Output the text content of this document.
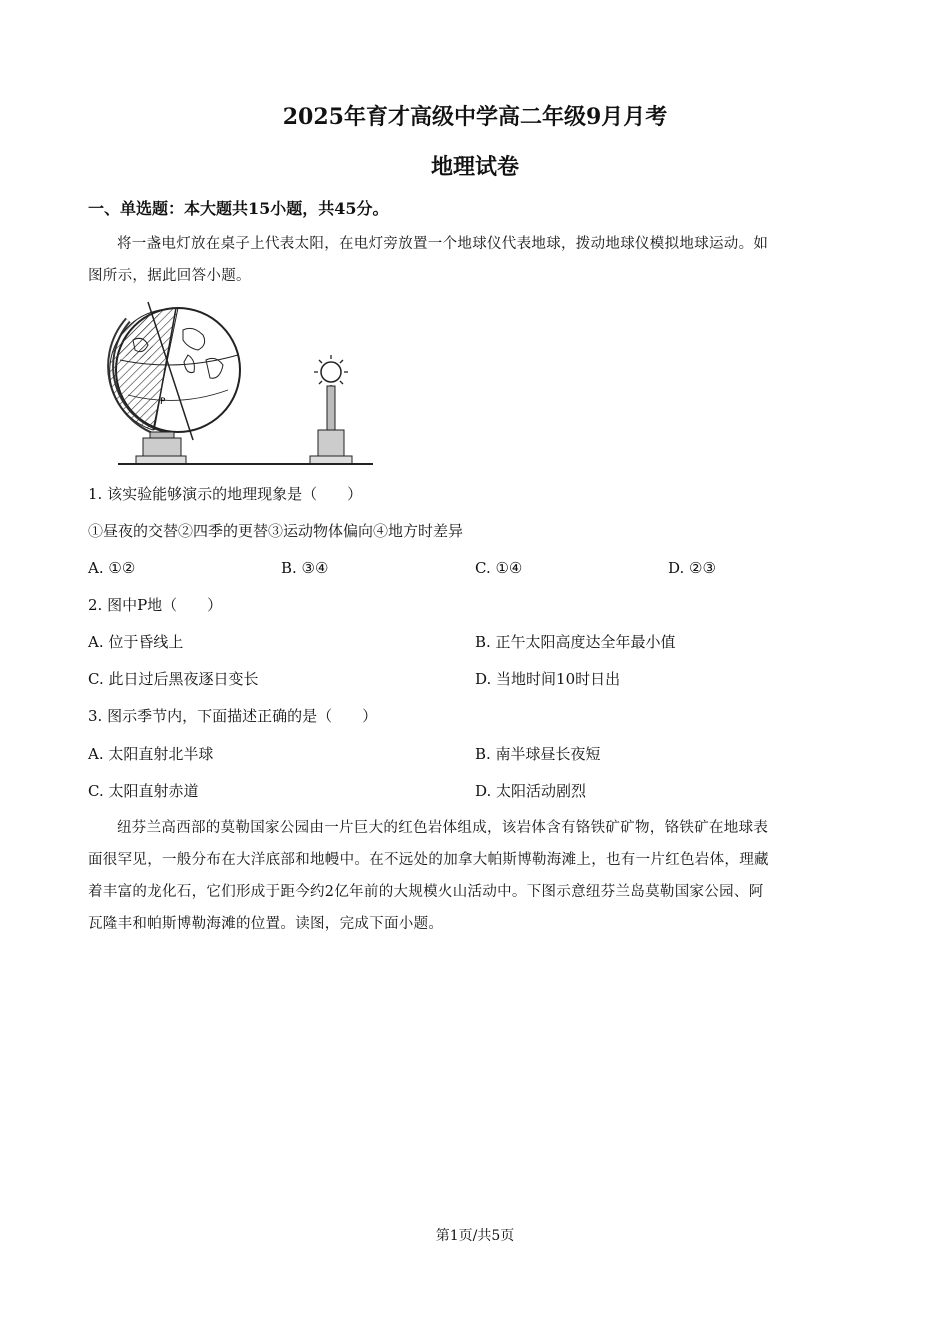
2025年育才高级中学高二年级9月月考
地理试卷
一、单选题：本大题共15小题，共45分。
将一盏电灯放在桌子上代表太阳，在电灯旁放置一个地球仪代表地球，拨动地球仪模拟地球运动。如
图所示，据此回答小题。
P
1. 该实验能够演示的地理现象是（　　）
①昼夜的交替②四季的更替③运动物体偏向④地方时差异
A. ①②	B. ③④	C. ①④	D. ②③
2. 图中P地（　　）
A. 位于昏线上	B. 正午太阳高度达全年最小值
C. 此日过后黑夜逐日变长	D. 当地时间10时日出
3. 图示季节内，下面描述正确的是（　　）
A. 太阳直射北半球	B. 南半球昼长夜短
C. 太阳直射赤道	D. 太阳活动剧烈
纽芬兰高西部的莫勒国家公园由一片巨大的红色岩体组成，该岩体含有铬铁矿矿物，铬铁矿在地球表
面很罕见，一般分布在大洋底部和地幔中。在不远处的加拿大帕斯博勒海滩上，也有一片红色岩体，理藏
着丰富的龙化石，它们形成于距今约2亿年前的大规模火山活动中。下图示意纽芬兰岛莫勒国家公园、阿
瓦隆丰和帕斯博勒海滩的位置。读图，完成下面小题。
第1页/共5页
